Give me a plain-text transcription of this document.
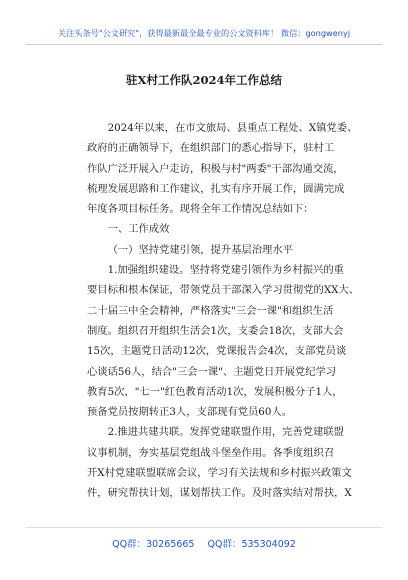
关注头条号"公文研究"，获得最新最全最专业的公文资料库！ 微信：gongwenyj
驻X村工作队2024年工作总结
2024年以来，在市文旅局、县重点工程处、X镇党委、
政府的正确领导下，在组织部门的悉心指导下，驻村工
作队广泛开展入户走访，积极与村"两委"干部沟通交流，
梳理发展思路和工作建议，扎实有序开展工作，圆满完成
年度各项目标任务。现将全年工作情况总结如下：
一、工作成效
（一）坚持党建引领，提升基层治理水平
1.加强组织建设。坚持将党建引领作为乡村振兴的重
要目标和根本保证，带领党员干部深入学习贯彻党的XX大、
二十届三中全会精神，严格落实"三会一课"和组织生活
制度。组织召开组织生活会1次，支委会18次，支部大会
15次，主题党日活动12次，党课报告会4次，支部党员谈
心谈话56人，结合"三会一课"、主题党日开展党纪学习
教育5次，"七一"红色教育活动1次，发展积极分子1人，
预备党员按期转正3人，支部现有党员60人。
2.推进共建共联。发挥党建联盟作用，完善党建联盟
议事机制，夯实基层党组战斗堡垒作用。各季度组织召
开X村党建联盟联席会议，学习有关法规和乡村振兴政策文
件，研究帮扶计划，谋划帮扶工作。及时落实结对帮扶，X
QQ群：30265665 QQ群：535304092
